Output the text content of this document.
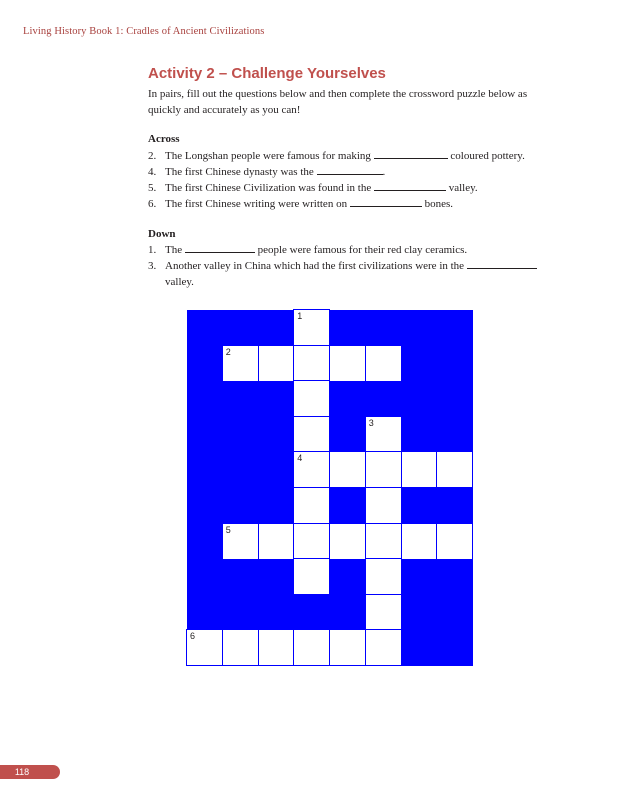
Living History Book 1: Cradles of Ancient Civilizations
Activity 2 – Challenge Yourselves
In pairs, fill out the questions below and then complete the crossword puzzle below as quickly and accurately as you can!
Across
2. The Longshan people were famous for making	coloured pottery.
4. The first Chinese dynasty was the	.
5. The first Chinese Civilization was found in the	valley.
6. The first Chinese writing were written on	bones.
Down
1. The	people were famous for their red clay ceramics.
3. Another valley in China which had the first civilizations were in the
valley.
1
2
3
4
5
6
118
